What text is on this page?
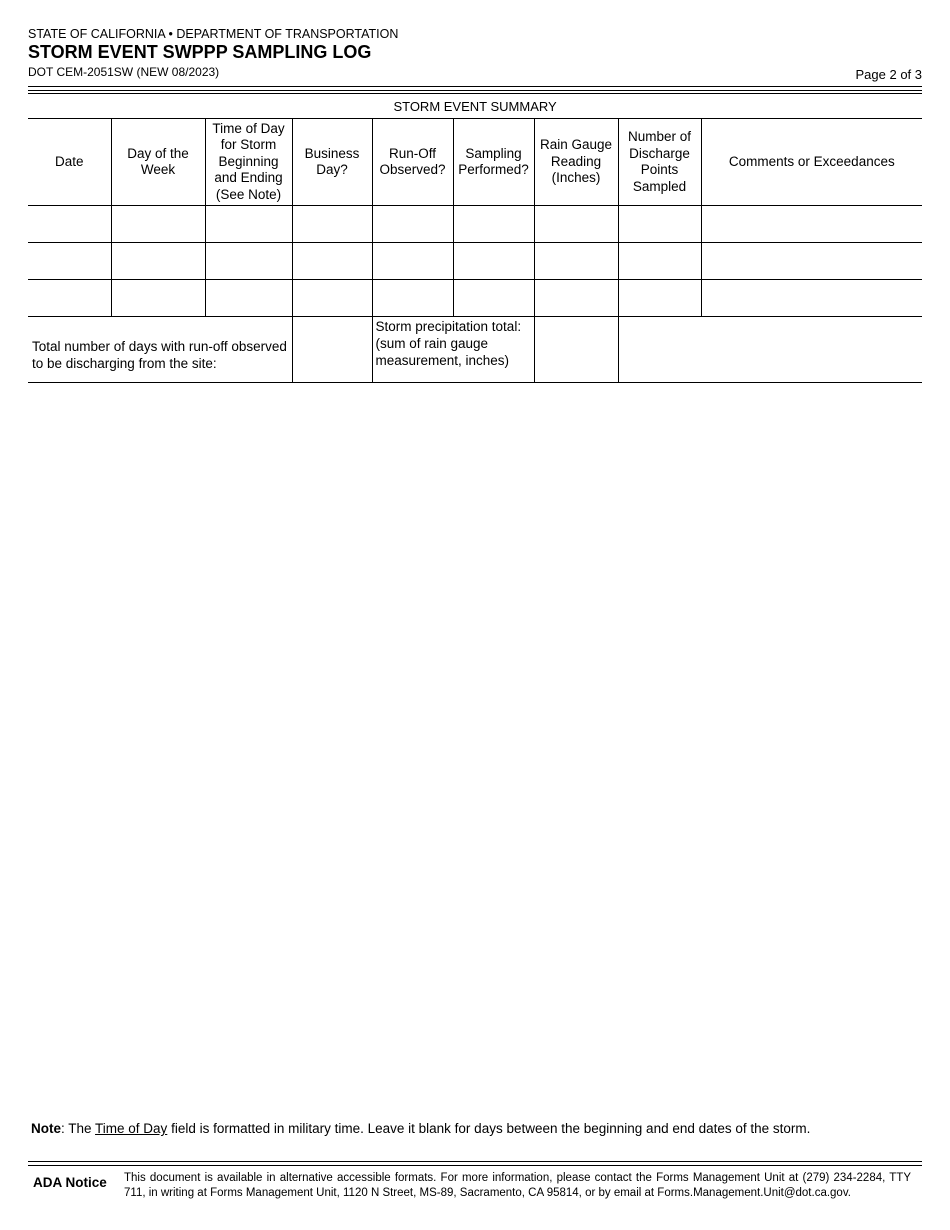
STATE OF CALIFORNIA • DEPARTMENT OF TRANSPORTATION
STORM EVENT SWPPP SAMPLING LOG
DOT CEM-2051SW (NEW 08/2023)	Page 2 of 3
STORM EVENT SUMMARY								
Date	Day of the Week	Time of Day for Storm Beginning and Ending (See Note)	Business Day?	Run-Off Observed?	Sampling Performed?	Rain Gauge Reading (Inches)	Number of Discharge Points Sampled	Comments or Exceedances

Total number of days with run-off observed to be discharging from the site:				Storm precipitation total: (sum of rain gauge measurement, inches)				
Note: The Time of Day field is formatted in military time. Leave it blank for days between the beginning and end dates of the storm.
ADA Notice This document is available in alternative accessible formats. For more information, please contact the Forms Management Unit at (279) 234-2284, TTY 711, in writing at Forms Management Unit, 1120 N Street, MS-89, Sacramento, CA 95814, or by email at Forms.Management.Unit@dot.ca.gov.
